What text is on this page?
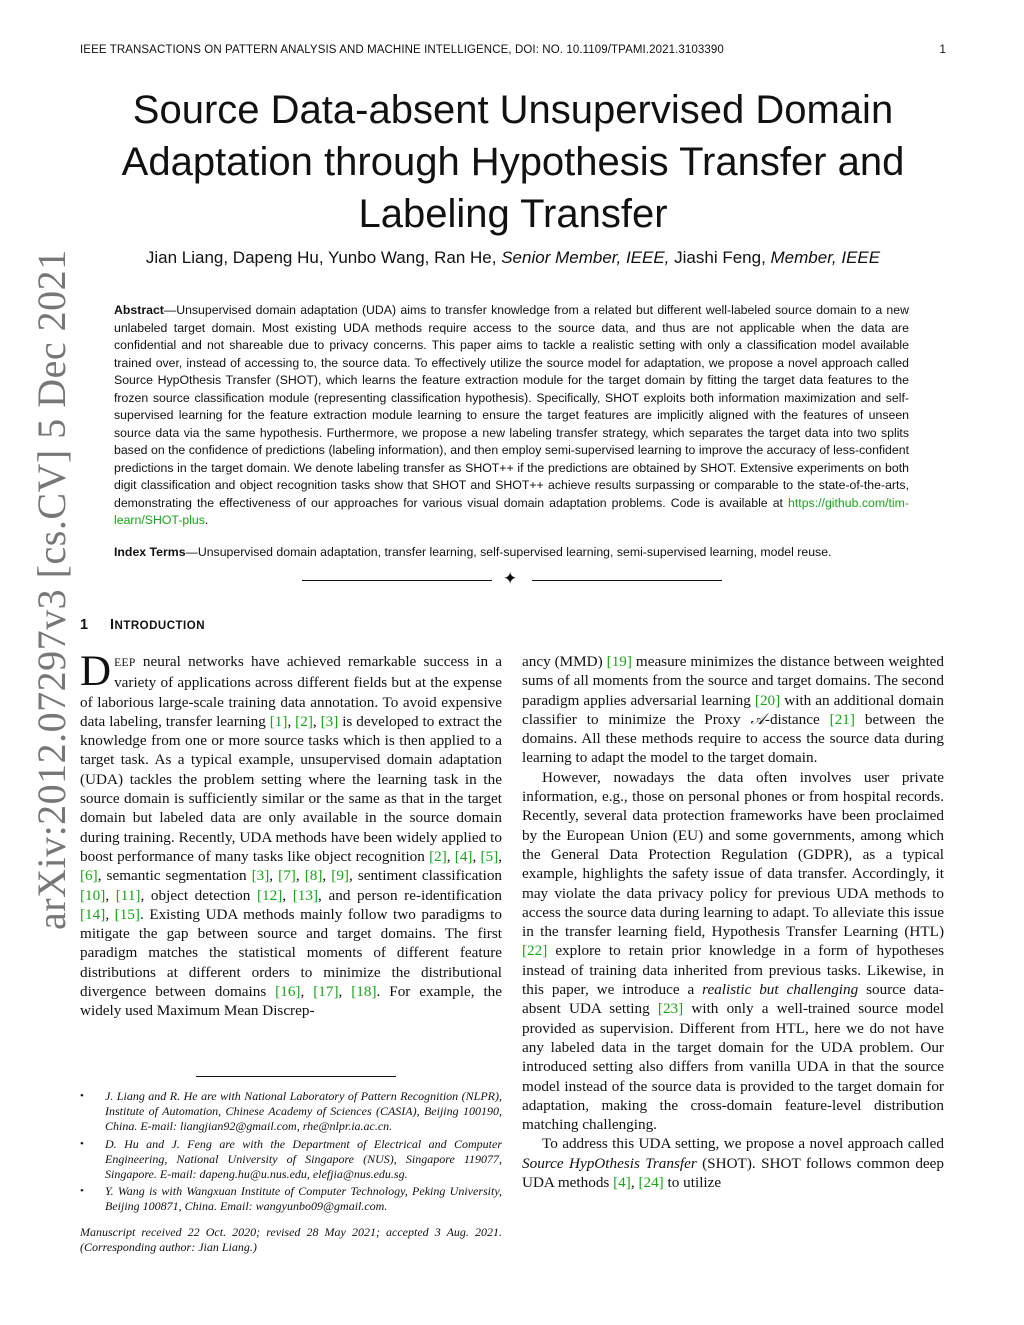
IEEE TRANSACTIONS ON PATTERN ANALYSIS AND MACHINE INTELLIGENCE, DOI: NO. 10.1109/TPAMI.2021.3103390	1
arXiv:2012.07297v3 [cs.CV] 5 Dec 2021
Source Data-absent Unsupervised Domain
Adaptation through Hypothesis Transfer and
Labeling Transfer
Jian Liang, Dapeng Hu, Yunbo Wang, Ran He, Senior Member, IEEE, Jiashi Feng, Member, IEEE
Abstract—Unsupervised domain adaptation (UDA) aims to transfer knowledge from a related but different well-labeled source domain to a new unlabeled target domain. Most existing UDA methods require access to the source data, and thus are not applicable when the data are confidential and not shareable due to privacy concerns. This paper aims to tackle a realistic setting with only a classification model available trained over, instead of accessing to, the source data. To effectively utilize the source model for adaptation, we propose a novel approach called Source HypOthesis Transfer (SHOT), which learns the feature extraction module for the target domain by fitting the target data features to the frozen source classification module (representing classification hypothesis). Specifically, SHOT exploits both information maximization and self-supervised learning for the feature extraction module learning to ensure the target features are implicitly aligned with the features of unseen source data via the same hypothesis. Furthermore, we propose a new labeling transfer strategy, which separates the target data into two splits based on the confidence of predictions (labeling information), and then employ semi-supervised learning to improve the accuracy of less-confident predictions in the target domain. We denote labeling transfer as SHOT++ if the predictions are obtained by SHOT. Extensive experiments on both digit classification and object recognition tasks show that SHOT and SHOT++ achieve results surpassing or comparable to the state-of-the-arts, demonstrating the effectiveness of our approaches for various visual domain adaptation problems. Code is available at https://github.com/tim-learn/SHOT-plus.
Index Terms—Unsupervised domain adaptation, transfer learning, self-supervised learning, semi-supervised learning, model reuse.
✦
1 INTRODUCTION

DEEP neural networks have achieved remarkable success in a variety of applications across different fields but at the expense of laborious large-scale training data annotation. To avoid expensive data labeling, transfer learning [1], [2], [3] is developed to extract the knowledge from one or more source tasks which is then applied to a target task. As a typical example, unsupervised domain adaptation (UDA) tackles the problem setting where the learning task in the source domain is sufficiently similar or the same as that in the target domain but labeled data are only available in the source domain during training. Recently, UDA methods have been widely applied to boost performance of many tasks like object recognition [2], [4], [5], [6], semantic segmentation [3], [7], [8], [9], sentiment classification [10], [11], object detection [12], [13], and person re-identification [14], [15]. Existing UDA methods mainly follow two paradigms to mitigate the gap between source and target domains. The first paradigm matches the statistical moments of different feature distributions at different orders to minimize the distributional divergence between domains [16], [17], [18]. For example, the widely used Maximum Mean Discrep-

ancy (MMD) [19] measure minimizes the distance between weighted sums of all moments from the source and target domains. The second paradigm applies adversarial learning [20] with an additional domain classifier to minimize the Proxy 𝒜-distance [21] between the domains. All these methods require to access the source data during learning to adapt the model to the target domain.

However, nowadays the data often involves user private information, e.g., those on personal phones or from hospital records. Recently, several data protection frameworks have been proclaimed by the European Union (EU) and some governments, among which the General Data Protection Regulation (GDPR), as a typical example, highlights the safety issue of data transfer. Accordingly, it may violate the data privacy policy for previous UDA methods to access the source data during learning to adapt. To alleviate this issue in the transfer learning field, Hypothesis Transfer Learning (HTL) [22] explore to retain prior knowledge in a form of hypotheses instead of training data inherited from previous tasks. Likewise, in this paper, we introduce a realistic but challenging source data-absent UDA setting [23] with only a well-trained source model provided as supervision. Different from HTL, here we do not have any labeled data in the target domain for the UDA problem. Our introduced setting also differs from vanilla UDA in that the source model instead of the source data is provided to the target domain for adaptation, making the cross-domain feature-level distribution matching challenging.

To address this UDA setting, we propose a novel approach called Source HypOthesis Transfer (SHOT). SHOT follows common deep UDA methods [4], [24] to utilize

• J. Liang and R. He are with National Laboratory of Pattern Recognition (NLPR), Institute of Automation, Chinese Academy of Sciences (CASIA), Beijing 100190, China. E-mail: liangjian92@gmail.com, rhe@nlpr.ia.ac.cn.
• D. Hu and J. Feng are with the Department of Electrical and Computer Engineering, National University of Singapore (NUS), Singapore 119077, Singapore. E-mail: dapeng.hu@u.nus.edu, elefjia@nus.edu.sg.
• Y. Wang is with Wangxuan Institute of Computer Technology, Peking University, Beijing 100871, China. Email: wangyunbo09@gmail.com.
Manuscript received 22 Oct. 2020; revised 28 May 2021; accepted 3 Aug. 2021. (Corresponding author: Jian Liang.)
